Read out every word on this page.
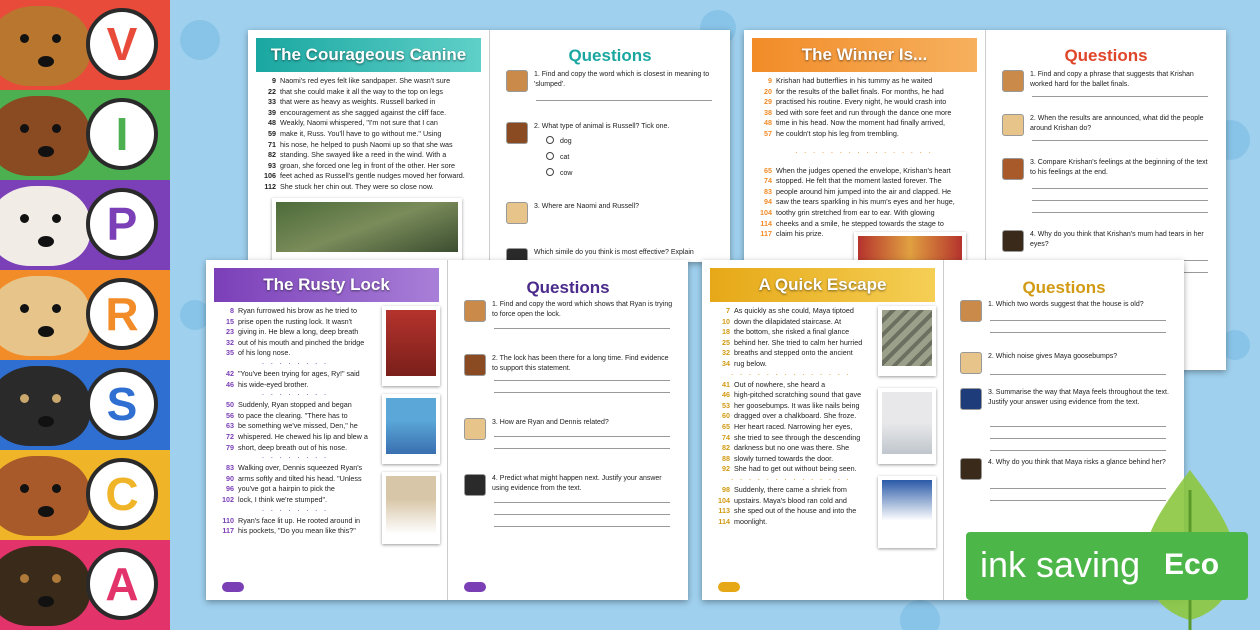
V
I
P
R
S
C
A
The Courageous Canine
9 Naomi's red eyes felt like sandpaper. She wasn't sure
22 that she could make it all the way to the top on legs
33 that were as heavy as weights. Russell barked in
39 encouragement as she sagged against the cliff face.
48 Weakly, Naomi whispered, "I'm not sure that I can
59 make it, Russ. You'll have to go without me." Using
71 his nose, he helped to push Naomi up so that she was
82 standing. She swayed like a reed in the wind. With a
93 groan, she forced one leg in front of the other. Her sore
106 feet ached as Russell's gentle nudges moved her forward.
112 She stuck her chin out. They were so close now.
Questions
1. Find and copy the word which is closest in meaning to 'slumped'.
2. What type of animal is Russell? Tick one.
dog
cat
cow
3. Where are Naomi and Russell?
Which simile do you think is most effective? Explain
The Winner Is...
9 Krishan had butterflies in his tummy as he waited
20 for the results of the ballet finals. For months, he had
29 practised his routine. Every night, he would crash into
38 bed with sore feet and run through the dance one more
48 time in his head. Now the moment had finally arrived,
57 he couldn't stop his leg from trembling.
· · · · · · · · · · · · · · · ·
65 When the judges opened the envelope, Krishan's heart
74 stopped. He felt that the moment lasted forever. The
83 people around him jumped into the air and clapped. He
94 saw the tears sparkling in his mum's eyes and her huge,
104 toothy grin stretched from ear to ear. With glowing
114 cheeks and a smile, he stepped towards the stage to
117 claim his prize.
Questions
1. Find and copy a phrase that suggests that Krishan worked hard for the ballet finals.
2. When the results are announced, what did the people around Krishan do?
3. Compare Krishan's feelings at the beginning of the text to his feelings at the end.
4. Why do you think that Krishan's mum had tears in her eyes?
The Rusty Lock
8 Ryan furrowed his brow as he tried to
15 prise open the rusting lock. It wasn't
23 giving in. He blew a long, deep breath
32 out of his mouth and pinched the bridge
35 of his long nose.
· · · · · · · ·
42 "You've been trying for ages, Ry!" said
46 his wide-eyed brother.
· · · · · · · ·
50 Suddenly, Ryan stopped and began
56 to pace the clearing. "There has to
63 be something we've missed, Den," he
72 whispered. He chewed his lip and blew a
79 short, deep breath out of his nose.
· · · · · · · ·
83 Walking over, Dennis squeezed Ryan's
90 arms softly and tilted his head. "Unless
96 you've got a hairpin to pick the
102 lock, I think we're stumped".
· · · · · · · ·
110 Ryan's face lit up. He rooted around in
117 his pockets, "Do you mean like this?"
Questions
1. Find and copy the word which shows that Ryan is trying to force open the lock.
2. The lock has been there for a long time. Find evidence to support this statement.
3. How are Ryan and Dennis related?
4. Predict what might happen next. Justify your answer using evidence from the text.
A Quick Escape
7 As quickly as she could, Maya tiptoed
10 down the dilapidated staircase. At
18 the bottom, she risked a final glance
25 behind her. She tried to calm her hurried
32 breaths and stepped onto the ancient
34 rug below.
· · · · · · · · · · · · · ·
41 Out of nowhere, she heard a
46 high-pitched scratching sound that gave
53 her goosebumps. It was like nails being
60 dragged over a chalkboard. She froze.
65 Her heart raced. Narrowing her eyes,
74 she tried to see through the descending
82 darkness but no one was there. She
88 slowly turned towards the door.
92 She had to get out without being seen.
· · · · · · · · · · · · · ·
98 Suddenly, there came a shriek from
104 upstairs. Maya's blood ran cold and
113 she sped out of the house and into the
114 moonlight.
Questions
1. Which two words suggest that the house is old?
2. Which noise gives Maya goosebumps?
3. Summarise the way that Maya feels throughout the text. Justify your answer using evidence from the text.
4. Why do you think that Maya risks a glance behind her?
ink saving Eco
